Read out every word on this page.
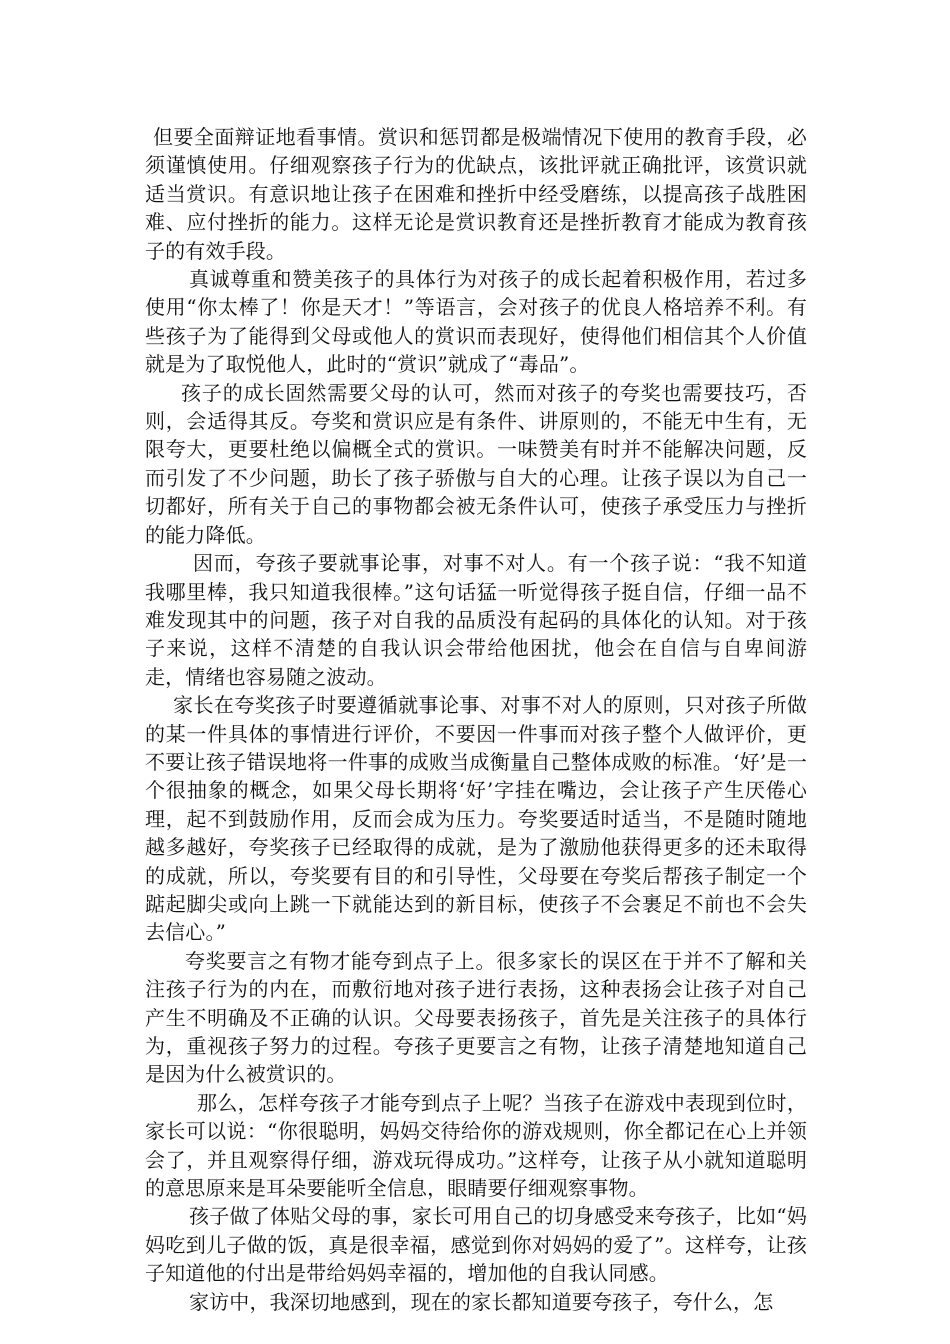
但要全面辩证地看事情。赏识和惩罚都是极端情况下使用的教育手段，必须谨慎使用。仔细观察孩子行为的优缺点，该批评就正确批评，该赏识就适当赏识。有意识地让孩子在困难和挫折中经受磨练，以提高孩子战胜困难、应付挫折的能力。这样无论是赏识教育还是挫折教育才能成为教育孩子的有效手段。

真诚尊重和赞美孩子的具体行为对孩子的成长起着积极作用，若过多使用“你太棒了！你是天才！”等语言，会对孩子的优良人格培养不利。有些孩子为了能得到父母或他人的赏识而表现好，使得他们相信其个人价值就是为了取悦他人，此时的“赏识”就成了“毒品”。

孩子的成长固然需要父母的认可，然而对孩子的夸奖也需要技巧，否则，会适得其反。夸奖和赏识应是有条件、讲原则的，不能无中生有，无限夸大，更要杜绝以偏概全式的赏识。一味赞美有时并不能解决问题，反而引发了不少问题，助长了孩子骄傲与自大的心理。让孩子误以为自己一切都好，所有关于自己的事物都会被无条件认可，使孩子承受压力与挫折的能力降低。

因而，夸孩子要就事论事，对事不对人。有一个孩子说：“我不知道我哪里棒，我只知道我很棒。”这句话猛一听觉得孩子挺自信，仔细一品不难发现其中的问题，孩子对自我的品质没有起码的具体化的认知。对于孩子来说，这样不清楚的自我认识会带给他困扰，他会在自信与自卑间游走，情绪也容易随之波动。

家长在夸奖孩子时要遵循就事论事、对事不对人的原则，只对孩子所做的某一件具体的事情进行评价，不要因一件事而对孩子整个人做评价，更不要让孩子错误地将一件事的成败当成衡量自己整体成败的标准。‘好’是一个很抽象的概念，如果父母长期将‘好’字挂在嘴边，会让孩子产生厌倦心理，起不到鼓励作用，反而会成为压力。夸奖要适时适当，不是随时随地越多越好，夸奖孩子已经取得的成就，是为了激励他获得更多的还未取得的成就，所以，夸奖要有目的和引导性，父母要在夸奖后帮孩子制定一个踮起脚尖或向上跳一下就能达到的新目标，使孩子不会裹足不前也不会失去信心。”

夸奖要言之有物才能夸到点子上。很多家长的误区在于并不了解和关注孩子行为的内在，而敷衍地对孩子进行表扬，这种表扬会让孩子对自己产生不明确及不正确的认识。父母要表扬孩子，首先是关注孩子的具体行为，重视孩子努力的过程。夸孩子更要言之有物，让孩子清楚地知道自己是因为什么被赏识的。

那么，怎样夸孩子才能夸到点子上呢？当孩子在游戏中表现到位时，家长可以说：“你很聪明，妈妈交待给你的游戏规则，你全都记在心上并领会了，并且观察得仔细，游戏玩得成功。”这样夸，让孩子从小就知道聪明的意思原来是耳朵要能听全信息，眼睛要仔细观察事物。

孩子做了体贴父母的事，家长可用自己的切身感受来夸孩子，比如“妈妈吃到儿子做的饭，真是很幸福，感觉到你对妈妈的爱了”。这样夸，让孩子知道他的付出是带给妈妈幸福的，增加他的自我认同感。

家访中，我深切地感到，现在的家长都知道要夸孩子，夸什么，怎
